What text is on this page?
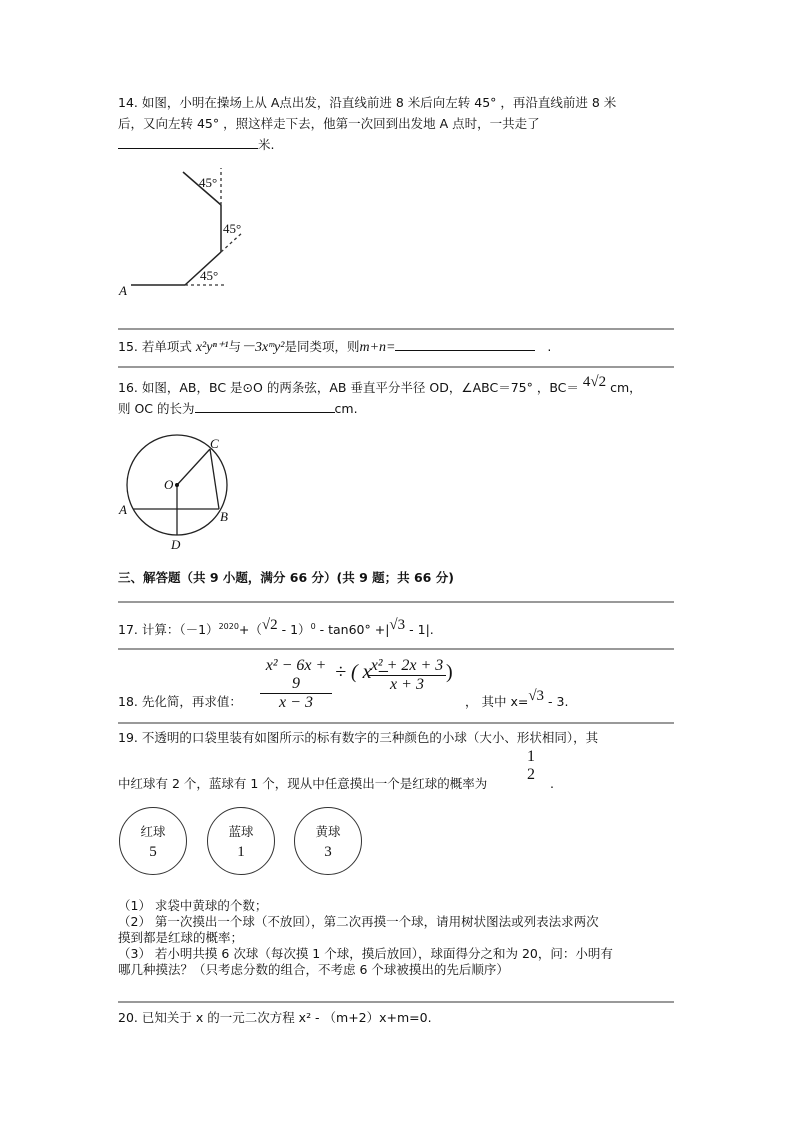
14. 如图，小明在操场上从 A点出发，沿直线前进 8 米后向左转 45° ，再沿直线前进 8 米
后，又向左转 45° ，照这样走下去，他第一次回到出发地 A 点时，一共走了
米.
45°
45°
45°
A
15. 若单项式 x²yⁿ⁺¹与－3xᵐy²是同类项，则m+n=	.
16. 如图，AB，BC 是⊙O 的两条弦，AB 垂直平分半径 OD，∠ABC＝75° ，BC＝ 4√2 cm，
则 OC 的长为	cm.
O
A	B
C
D
三、解答题（共 9 小题，满分 66 分）(共 9 题；共 66 分)
17. 计算：$(-1)^{2020}+(√2 - 1)^0 - \tan 60^\circ +|√3 - 1|$.
18. 先化简，再求值： $\frac{\text{x² − 6x + 9}}{x - 3}$ ÷ ( x −
$\frac{\text{x² + 2x + 3}}{x + 3}$ )
， 其中 x=√3 - 3.
19. 不透明的口袋里装有如图所示的标有数字的三种颜色的小球（大小、形状相同），其
中红球有 2 个，蓝球有 1 个，现从中任意摸出一个是红球的概率为
1
2
.
红球
5
蓝球
1
黄球
3
（1） 求袋中黄球的个数；
（2） 第一次摸出一个球（不放回），第二次再摸一个球，请用树状图法或列表法求两次
摸到都是红球的概率；
（3） 若小明共摸 6 次球（每次摸 1 个球，摸后放回），球面得分之和为 20，问：小明有
哪几种摸法？（只考虑分数的组合，不考虑 6 个球被摸出的先后顺序）
20. 已知关于 x 的一元二次方程 x² - （m+2）x+m=0.
